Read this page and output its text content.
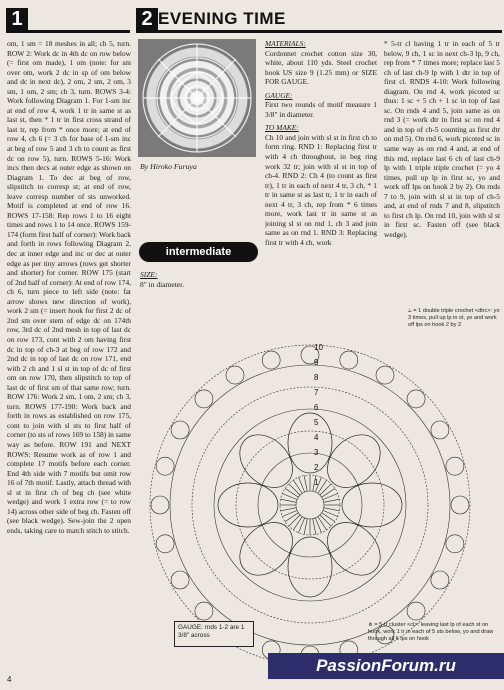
1	2 EVENING TIME

om, 1 sm = 18 meshes in all; ch 5, turn. ROW 2: Work dc in 4th dc on row below (= first om made), 1 om (note: for sm over om, work 2 dc in sp of om below and dc in next dc), 2 om, 2 sm, 2 om, 3 sm, 1 om, 2 sm; ch 3, turn. ROWS 3-4: Work following Diagram 1. For 1-sm inc at end of row 4, work 1 tr in same st as last st, then * 1 tr in first cross strand of last tr, rep from * once more; at end of row 4, ch 6 (= 3 ch for base of 1-sm inc at beg of row 5 and 3 ch to count as first dc on row 5), turn. ROWS 5-16: Work incs then decs at outer edge as shown on Diagram 1. To dec at beg of row, slipstitch to corresp st; at end of row, leave corresp number of sts unworked. Motif is completed at end of row 16. ROWS 17-158: Rep rows 1 to 16 eight times and rows 1 to 14 once. ROWS 159-174 (form first half of corner): Work back and forth in rows following Diagram 2, dec at inner edge and inc or dec at outer edge as per tiny arrows (rows get shorter and shorter) for corner. ROW 175 (start of 2nd half of corner): At end of row 174, ch 6, turn piece to left side (note: fat arrow shows new direction of work), work 2 sm (= insert hook for first 2 dc of 2nd sm over stem of edge dc on 174th row, 3rd dc of 2nd mesh in top of last dc on row 173, cont with 2 om having first dc in top of ch-3 at beg of row 172 and 2nd dc in top of last dc on row 171, end with 2 ch and 1 sl st in top of dc of first om on row 170, then slipstitch to top of last dc of first sm of that same row; turn. ROW 176: Work 2 sm, 1 om, 2 sm; ch 3, turn. ROWS 177-190: Work back and forth in rows as established on row 175, cont to join with sl sts to first half of corner (to sts of rows 169 to 158) in same way as before. ROW 191 and NEXT ROWS: Resume work as of row 1 and complete 17 motifs before each corner. End 4th side with 7 motifs but omit row 16 of 7th motif. Lastly, attach thread with sl st in first ch of beg ch (see white wedge) and work 1 extra row (= to row 14) across other side of beg ch. Fasten off (see black wedge). Sew-join the 2 open ends, taking care to match stitch to stitch.

By Hiroko Furuya
intermediate
SIZE:
8" in diameter.

MATERIALS:

Cordonnet crochet cotton size 30, white, about 110 yds. Steel crochet hook US size 9 (1.25 mm) or SIZE FOR GAUGE.

GAUGE:

First two rounds of motif measure 1 3/8" in diameter.

TO MAKE:

Ch 10 and join with sl st in first ch to form ring. RND 1: Replacing first tr with 4 ch throughout, in beg ring work 32 tr; join with sl st in top of ch-4. RND 2: Ch 4 (to count as first tr), 1 tr in each of next 4 tr, 3 ch, * 1 tr in same st as last tr, 1 tr in each of next 4 tr, 3 ch, rep from * 6 times more, work last tr in same st as joining sl st on rnd 1, ch 3 and join same as on rnd 1. RND 3: Replacing first tr with 4 ch, work

* 5-tr cl having 1 tr in each of 5 tr below, 9 ch, 1 sc in next ch-3 lp, 9 ch, rep from * 7 times more; replace last 5 ch of last ch-9 lp with 1 dtr in top of first cl. RNDS 4-10: Work following diagram. On rnd 4, work picoted sc thus: 1 sc + 5 ch + 1 sc in top of last sc. On rnds 4 and 5, join same as on rnd 3 (= work dtr in first sc on rnd 4 and in top of ch-5 counting as first dtr on rnd 5). On rnd 6, work picoted sc in same way as on rnd 4 and, at end of this rnd, replace last 6 ch of last ch-9 lp with 1 triple triple crochet (= yo 4 times, pull up lp in first sc, yo and work off lps on hook 2 by 2). On rnds 7 to 9, join with sl st in top of ch-5 and, at end of rnds 7 and 8, slipstitch to first ch lp. On rnd 10, join with sl st in first sc. Fasten off (see black wedge).

⟂ = 1 double triple crochet <dtrc>: yo 3 times, pull up lp in st, yo and work off lps on hook 2 by 2
1
2
3
4
5
6
7
8
9
10
GAUGE: rnds 1-2 are 1 3/8" across
⋔ = 5-tr cluster <cl>: leaving last lp of each st on hook, work 1 tr in each of 5 sts below, yo and draw through all 6 lps on hook
4
PassionForum.ru
